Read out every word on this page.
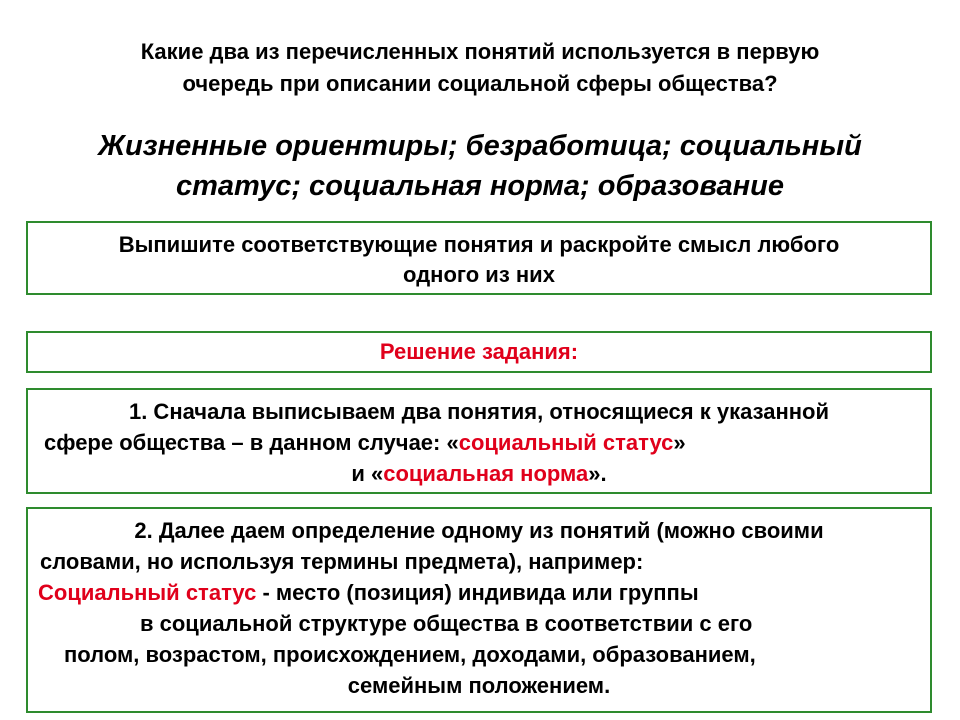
Какие два из перечисленных понятий используется в первую
очередь при описании социальной сферы общества?
Жизненные ориентиры; безработица; социальный
статус; социальная норма; образование
Выпишите соответствующие понятия и раскройте смысл любого
одного из них
Решение задания:
1. Сначала выписываем два понятия, относящиеся к указанной
сфере общества – в данном случае: «социальный статус»
и «социальная норма».
2. Далее даем определение одному из понятий (можно своими
словами, но используя термины предмета), например:
Социальный статус - место (позиция) индивида или группы
в социальной структуре общества в соответствии с его
полом, возрастом, происхождением, доходами, образованием,
семейным положением.
